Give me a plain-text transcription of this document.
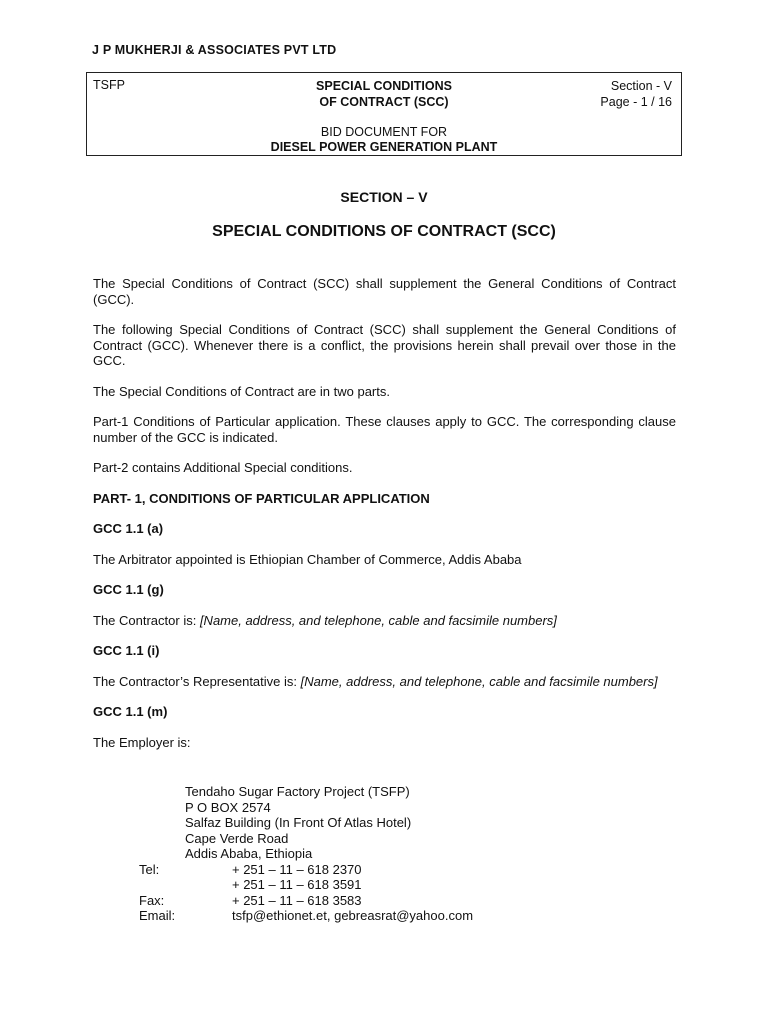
J P MUKHERJI & ASSOCIATES PVT LTD
TSFP	SPECIAL CONDITIONS
OF CONTRACT (SCC)
Section - V
Page - 1 / 16
BID DOCUMENT FOR
DIESEL POWER GENERATION PLANT
SECTION – V
SPECIAL CONDITIONS OF CONTRACT (SCC)

The Special Conditions of Contract (SCC) shall supplement the General Conditions of Contract (GCC).

The following Special Conditions of Contract (SCC) shall supplement the General Conditions of Contract (GCC). Whenever there is a conflict, the provisions herein shall prevail over those in the GCC.

The Special Conditions of Contract are in two parts.

Part-1 Conditions of Particular application. These clauses apply to GCC. The corresponding clause number of the GCC is indicated.

Part-2 contains Additional Special conditions.

PART- 1, CONDITIONS OF PARTICULAR APPLICATION
GCC 1.1 (a)

The Arbitrator appointed is Ethiopian Chamber of Commerce, Addis Ababa

GCC 1.1 (g)

The Contractor is: [Name, address, and telephone, cable and facsimile numbers]

GCC 1.1 (i)

The Contractor’s Representative is: [Name, address, and telephone, cable and facsimile numbers]

GCC 1.1 (m)

The Employer is:

Tendaho Sugar Factory Project (TSFP)
P O BOX 2574
Salfaz Building (In Front Of Atlas Hotel)
Cape Verde Road
Addis Ababa, Ethiopia
Tel:	+ 251 – 11 – 618 2370
+ 251 – 11 – 618 3591
Fax:	+ 251 – 11 – 618 3583
Email:	tsfp@ethionet.et, gebreasrat@yahoo.com
